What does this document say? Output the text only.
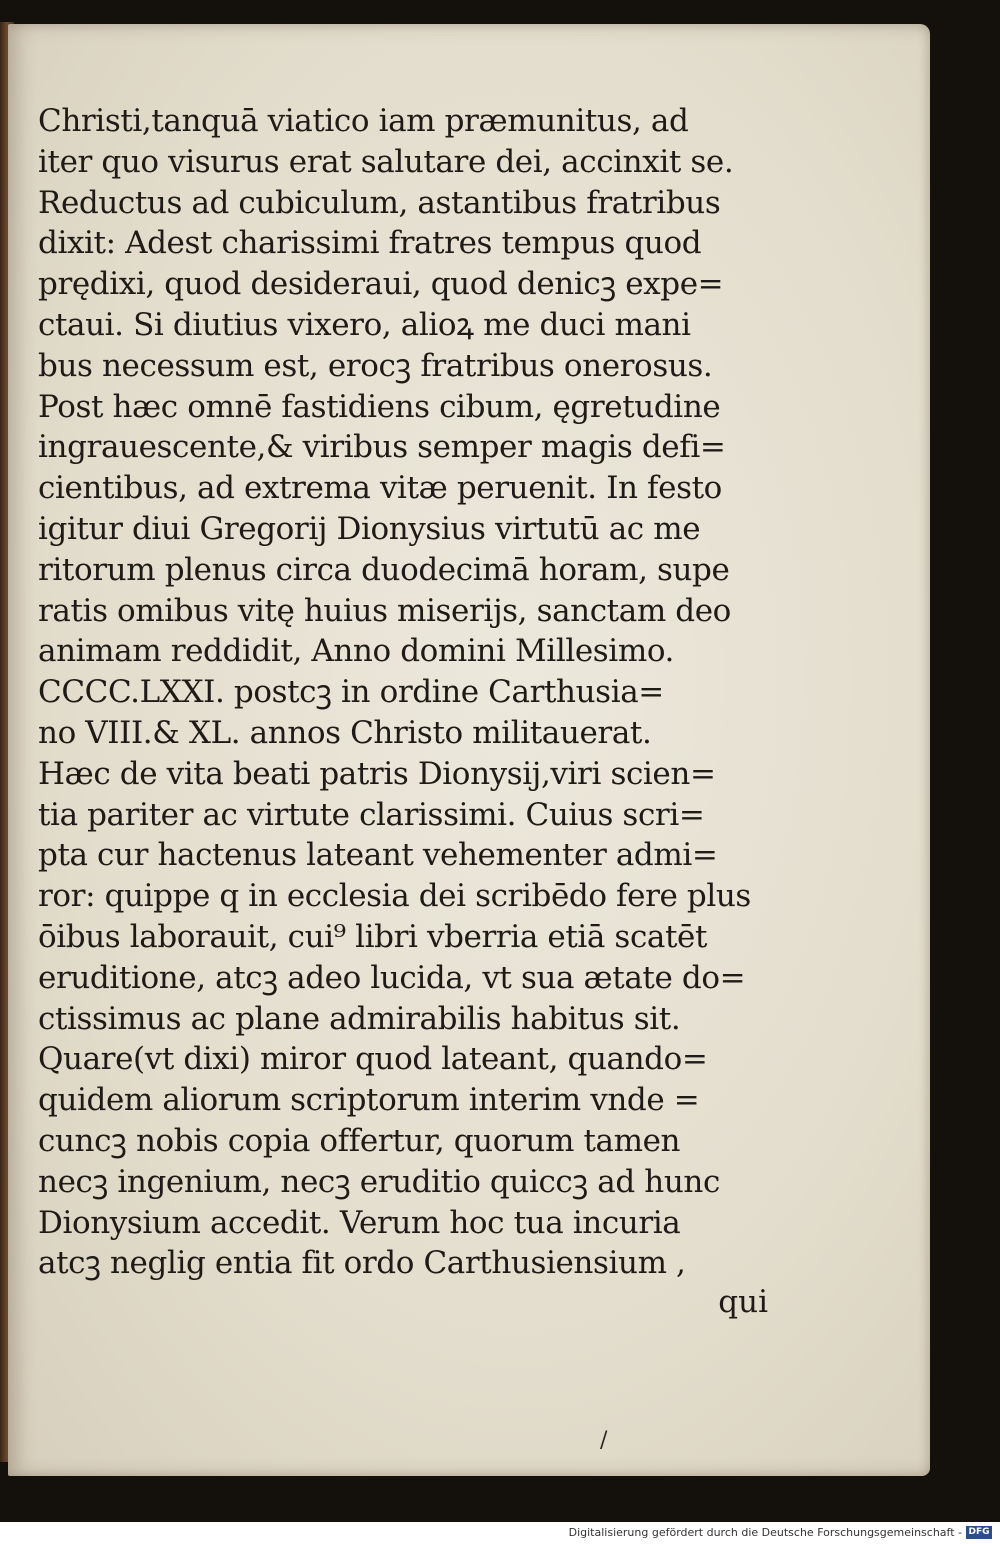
Christi,tanquā viatico iam præmunitus, ad
iter quo visurus erat salutare dei, accinxit se.
Reductus ad cubiculum, astantibus fratribus
dixit: Adest charissimi fratres tempus quod
prędixi, quod desideraui, quod denicꝫ expe=
ctaui. Si diutius vixero, alioꝝ me duci mani
bus necessum est, erocꝫ fratribus onerosus.
Post hæc omnē fastidiens cibum, ęgretudine
ingrauescente,& viribus semper magis defi=
cientibus, ad extrema vitæ peruenit. In festo
igitur diui Gregorij Dionysius virtutū ac me
ritorum plenus circa duodecimā horam, supe
ratis omibus vitę huius miserijs, sanctam deo
animam reddidit, Anno domini Millesimo.
CCCC.LXXI. postcꝫ in ordine Carthusia=
no VIII.& XL. annos Christo militauerat.
Hæc de vita beati patris Dionysij,viri scien=
tia pariter ac virtute clarissimi. Cuius scri=
pta cur hactenus lateant vehementer admi=
ror: quippe q in ecclesia dei scribēdo fere plus
ōibus laborauit, cui⁹ libri vberria etiā scatēt
eruditione, atcꝫ adeo lucida, vt sua ætate do=
ctissimus ac plane admirabilis habitus sit.
Quare(vt dixi) miror quod lateant, quando=
quidem aliorum scriptorum interim vnde =
cuncꝫ nobis copia offertur, quorum tamen
necꝫ ingenium, necꝫ eruditio quiccꝫ ad hunc
Dionysium accedit. Verum hoc tua incuria
atcꝫ neglig entia fit ordo Carthusiensium ,
qui
/
Digitalisierung gefördert durch die Deutsche Forschungsgemeinschaft - DFG
